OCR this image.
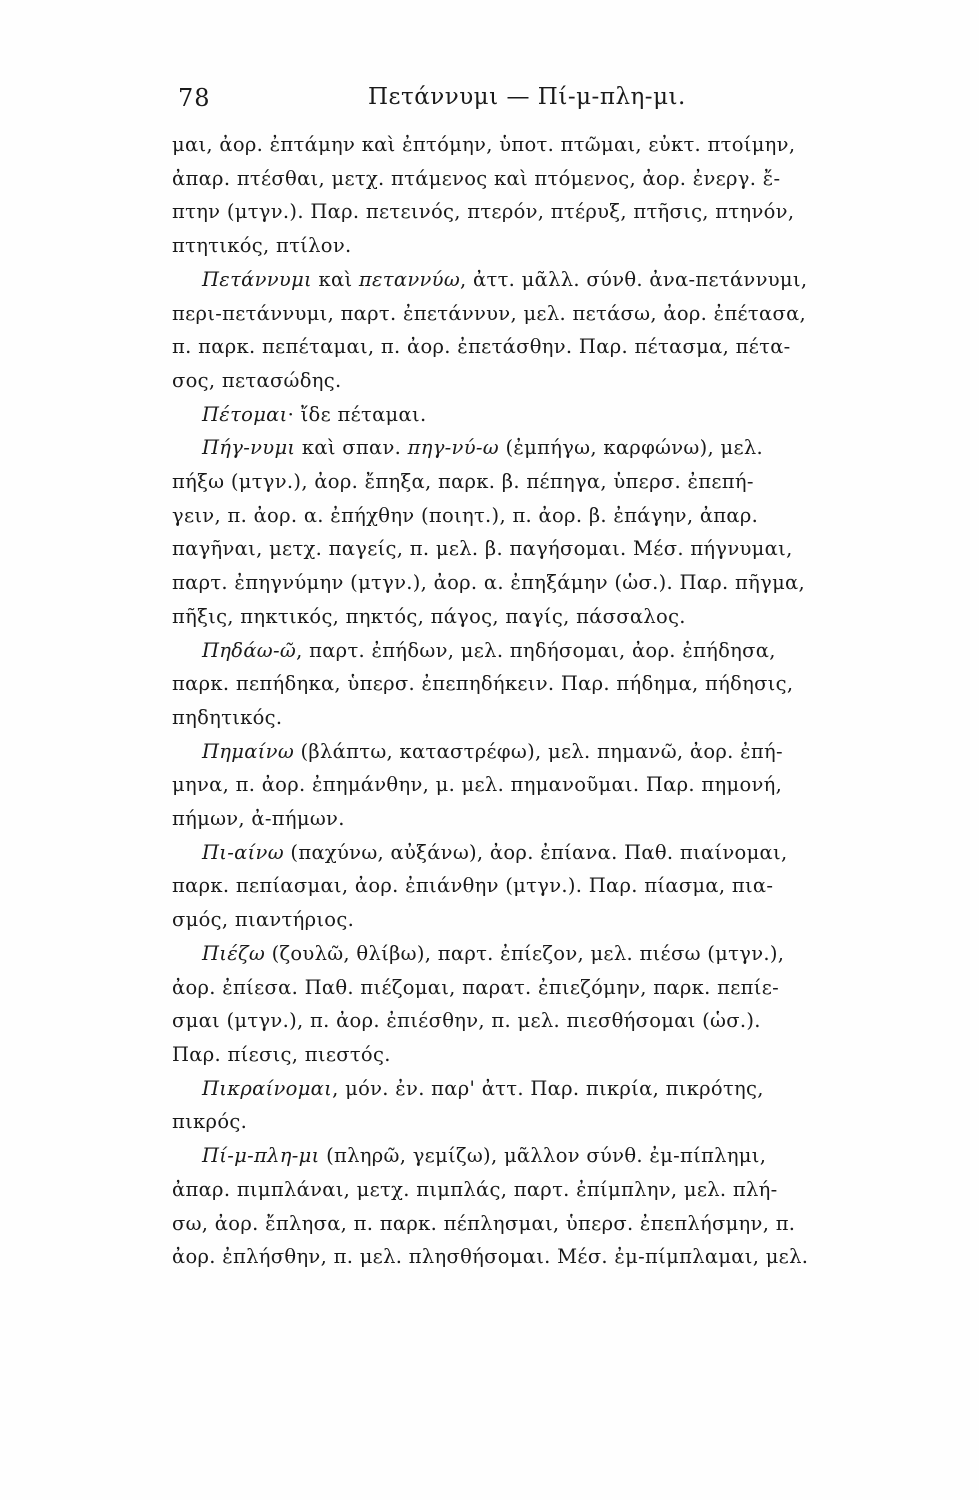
78	Πετάννυμι — Πί-μ-πλη-μι.
μαι, ἀορ. ἐπτάμην καὶ ἐπτόμην, ὑποτ. πτῶμαι, εὐκτ. πτοίμην,
ἀπαρ. πτέσθαι, μετχ. πτάμενος καὶ πτόμενος, ἀορ. ἐνεργ. ἔ-
πτην (μτγν.). Παρ. πετεινός, πτερόν, πτέρυξ, πτῆσις, πτηνόν,
πτητικός, πτίλον.
Πετάννυμι καὶ πεταννύω, ἀττ. μᾶλλ. σύνθ. ἀνα-πετάννυμι,
περι-πετάννυμι, παρτ. ἐπετάννυν, μελ. πετάσω, ἀορ. ἐπέτασα,
π. παρκ. πεπέταμαι, π. ἀορ. ἐπετάσθην. Παρ. πέτασμα, πέτα-
σος, πετασώδης.
Πέτομαι· ἴδε πέταμαι.
Πήγ-νυμι καὶ σπαν. πηγ-νύ-ω (ἐμπήγω, καρφώνω), μελ.
πήξω (μτγν.), ἀορ. ἔπηξα, παρκ. β. πέπηγα, ὑπερσ. ἐπεπή-
γειν, π. ἀορ. α. ἐπήχθην (ποιητ.), π. ἀορ. β. ἐπάγην, ἀπαρ.
παγῆναι, μετχ. παγείς, π. μελ. β. παγήσομαι. Μέσ. πήγνυμαι,
παρτ. ἐπηγνύμην (μτγν.), ἀορ. α. ἐπηξάμην (ὡσ.). Παρ. πῆγμα,
πῆξις, πηκτικός, πηκτός, πάγος, παγίς, πάσσαλος.
Πηδάω-ῶ, παρτ. ἐπήδων, μελ. πηδήσομαι, ἀορ. ἐπήδησα,
παρκ. πεπήδηκα, ὑπερσ. ἐπεπηδήκειν. Παρ. πήδημα, πήδησις,
πηδητικός.
Πημαίνω (βλάπτω, καταστρέφω), μελ. πημανῶ, ἀορ. ἐπή-
μηνα, π. ἀορ. ἐπημάνθην, μ. μελ. πημανοῦμαι. Παρ. πημονή,
πήμων, ἀ-πήμων.
Πι-αίνω (παχύνω, αὐξάνω), ἀορ. ἐπίανα. Παθ. πιαίνομαι,
παρκ. πεπίασμαι, ἀορ. ἐπιάνθην (μτγν.). Παρ. πίασμα, πια-
σμός, πιαντήριος.
Πιέζω (ζουλῶ, θλίβω), παρτ. ἐπίεζον, μελ. πιέσω (μτγν.),
ἀορ. ἐπίεσα. Παθ. πιέζομαι, παρατ. ἐπιεζόμην, παρκ. πεπίε-
σμαι (μτγν.), π. ἀορ. ἐπιέσθην, π. μελ. πιεσθήσομαι (ὡσ.).
Παρ. πίεσις, πιεστός.
Πικραίνομαι, μόν. ἐν. παρ' ἀττ. Παρ. πικρία, πικρότης,
πικρός.
Πί-μ-πλη-μι (πληρῶ, γεμίζω), μᾶλλον σύνθ. ἐμ-πίπλημι,
ἀπαρ. πιμπλάναι, μετχ. πιμπλάς, παρτ. ἐπίμπλην, μελ. πλή-
σω, ἀορ. ἔπλησα, π. παρκ. πέπλησμαι, ὑπερσ. ἐπεπλήσμην, π.
ἀορ. ἐπλήσθην, π. μελ. πλησθήσομαι. Μέσ. ἐμ-πίμπλαμαι, μελ.
